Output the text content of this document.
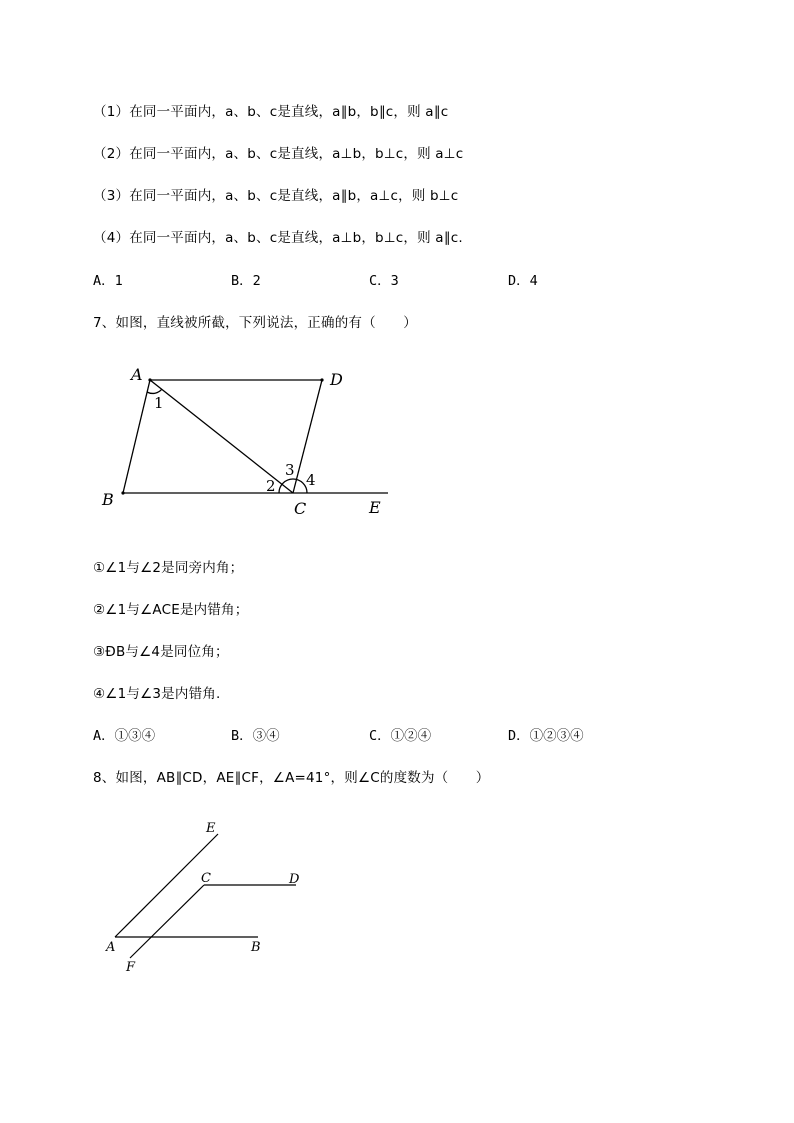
（1）在同一平面内，a、b、c是直线，a∥b，b∥c，则 a∥c
（2）在同一平面内，a、b、c是直线，a⊥b，b⊥c，则 a⊥c
（3）在同一平面内，a、b、c是直线，a∥b，a⊥c，则 b⊥c
（4）在同一平面内，a、b、c是直线，a⊥b，b⊥c，则 a∥c.
A．1	B．2	C．3	D．4
7、如图，直线被所截，下列说法，正确的有（　　）
A	D
B	C	E
1
2
3
4
①∠1与∠2是同旁内角；
②∠1与∠ACE是内错角；
③ÐB与∠4是同位角；
④∠1与∠3是内错角.
A．①③④	B．③④	C．①②④	D．①②③④
8、如图，AB∥CD，AE∥CF，∠A=41°，则∠C的度数为（　　）
E
C	D
A	B
F
